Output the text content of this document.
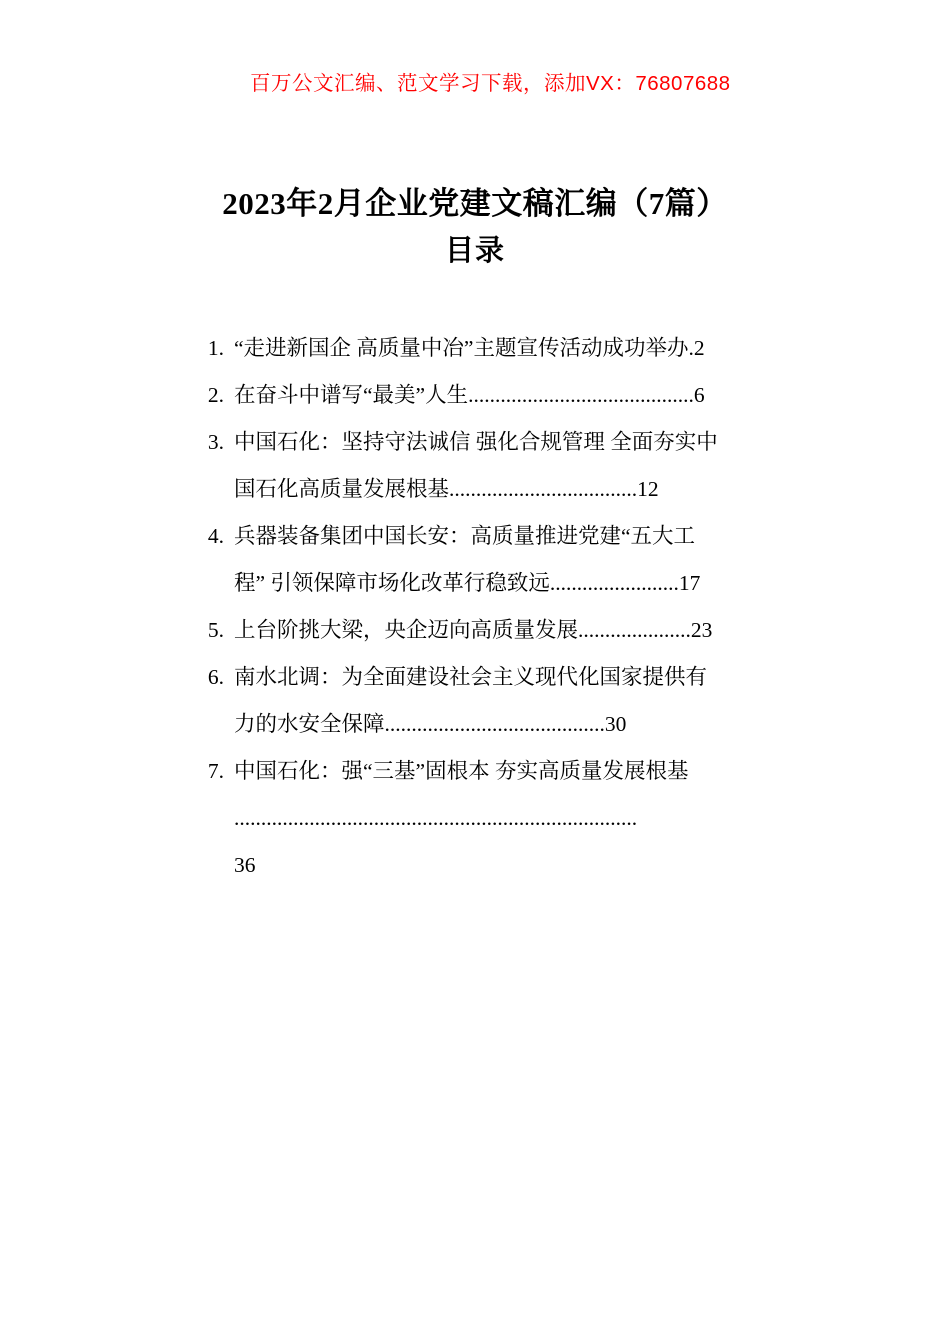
百万公文汇编、范文学习下载，添加VX：76807688
2023年2月企业党建文稿汇编（7篇）
目录
1. “走进新国企 高质量中冶”主题宣传活动成功举办.2
2. 在奋斗中谱写“最美”人生..........................................6
3. 中国石化：坚持守法诚信 强化合规管理 全面夯实中
国石化高质量发展根基...................................12
4. 兵器装备集团中国长安：高质量推进党建“五大工
程” 引领保障市场化改革行稳致远........................17
5. 上台阶挑大梁，央企迈向高质量发展.....................23
6. 南水北调：为全面建设社会主义现代化国家提供有
力的水安全保障.........................................30
7. 中国石化：强“三基”固根本 夯实高质量发展根基
...........................................................................
36
